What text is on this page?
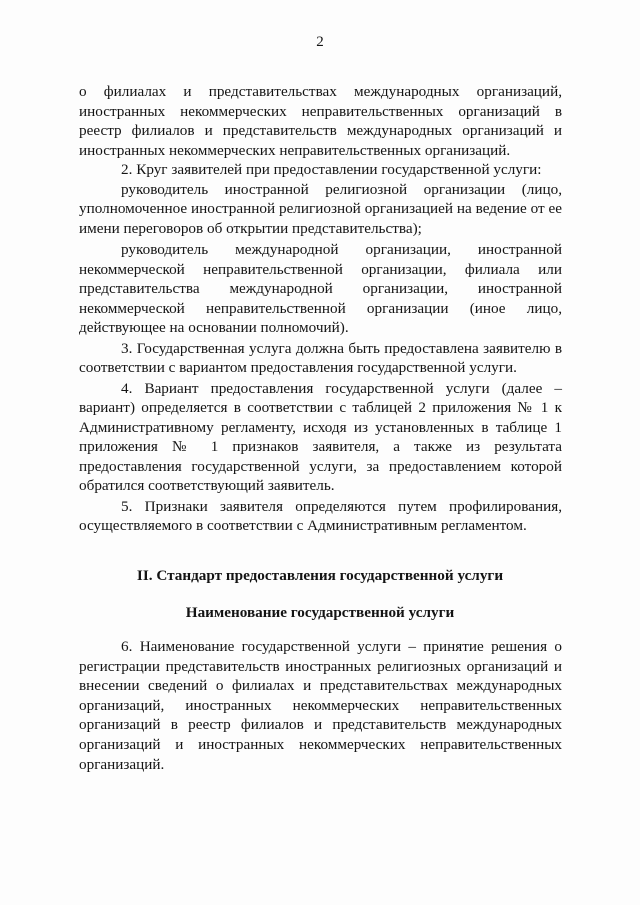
2

о филиалах и представительствах международных организаций, иностранных некоммерческих неправительственных организаций в реестр филиалов и представительств международных организаций и иностранных некоммерческих неправительственных организаций.

2. Круг заявителей при предоставлении государственной услуги:

руководитель иностранной религиозной организации (лицо, уполномоченное иностранной религиозной организацией на ведение от ее имени переговоров об открытии представительства);

руководитель международной организации, иностранной некоммерческой неправительственной организации, филиала или представительства международной организации, иностранной некоммерческой неправительственной организации (иное лицо, действующее на основании полномочий).

3. Государственная услуга должна быть предоставлена заявителю в соответствии с вариантом предоставления государственной услуги.

4. Вариант предоставления государственной услуги (далее – вариант) определяется в соответствии с таблицей 2 приложения № 1 к Административному регламенту, исходя из установленных в таблице 1 приложения № 1 признаков заявителя, а также из результата предоставления государственной услуги, за предоставлением которой обратился соответствующий заявитель.

5. Признаки заявителя определяются путем профилирования, осуществляемого в соответствии с Административным регламентом.

II. Стандарт предоставления государственной услуги
Наименование государственной услуги

6. Наименование государственной услуги – принятие решения о регистрации представительств иностранных религиозных организаций и внесении сведений о филиалах и представительствах международных организаций, иностранных некоммерческих неправительственных организаций в реестр филиалов и представительств международных организаций и иностранных некоммерческих неправительственных организаций.
